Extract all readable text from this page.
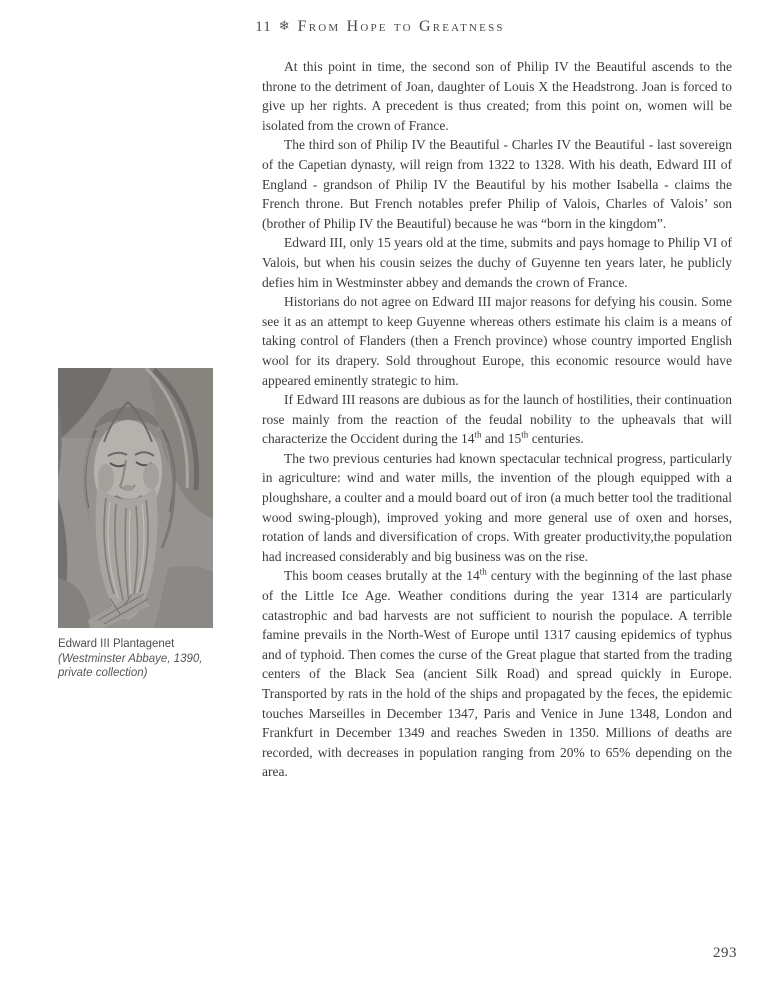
11 ❄ From Hope to Greatness
Edward III Plantagenet
(Westminster Abbaye, 1390,
private collection)

At this point in time, the second son of Philip IV the Beautiful ascends to the throne to the detriment of Joan, daughter of Louis X the Headstrong. Joan is forced to give up her rights. A precedent is thus created; from this point on, women will be isolated from the crown of France.

The third son of Philip IV the Beautiful - Charles IV the Beautiful - last sovereign of the Capetian dynasty, will reign from 1322 to 1328. With his death, Edward III of England - grandson of Philip IV the Beautiful by his mother Isabella - claims the French throne. But French notables prefer Philip of Valois, Charles of Valois’ son (brother of Philip IV the Beautiful) because he was “born in the kingdom”.

Edward III, only 15 years old at the time, submits and pays homage to Philip VI of Valois, but when his cousin seizes the duchy of Guyenne ten years later, he publicly defies him in Westminster abbey and demands the crown of France.

Historians do not agree on Edward III major reasons for defying his cousin. Some see it as an attempt to keep Guyenne whereas others estimate his claim is a means of taking control of Flanders (then a French province) whose country imported English wool for its drapery. Sold throughout Europe, this economic resource would have appeared eminently strategic to him.

If Edward III reasons are dubious as for the launch of hostilities, their continuation rose mainly from the reaction of the feudal nobility to the upheavals that will characterize the Occident during the 14th and 15th centuries.

The two previous centuries had known spectacular technical progress, particularly in agriculture: wind and water mills, the invention of the plough equipped with a ploughshare, a coulter and a mould board out of iron (a much better tool the traditional wood swing-plough), improved yoking and more general use of oxen and horses, rotation of lands and diversification of crops. With greater productivity,the population had increased considerably and big business was on the rise.

This boom ceases brutally at the 14th century with the beginning of the last phase of the Little Ice Age. Weather conditions during the year 1314 are particularly catastrophic and bad harvests are not sufficient to nourish the populace. A terrible famine prevails in the North-West of Europe until 1317 causing epidemics of typhus and of typhoid. Then comes the curse of the Great plague that started from the trading centers of the Black Sea (ancient Silk Road) and spread quickly in Europe. Transported by rats in the hold of the ships and propagated by the feces, the epidemic touches Marseilles in December 1347, Paris and Venice in June 1348, London and Frankfurt in December 1349 and reaches Sweden in 1350. Millions of deaths are recorded, with decreases in population ranging from 20% to 65% depending on the area.

293
